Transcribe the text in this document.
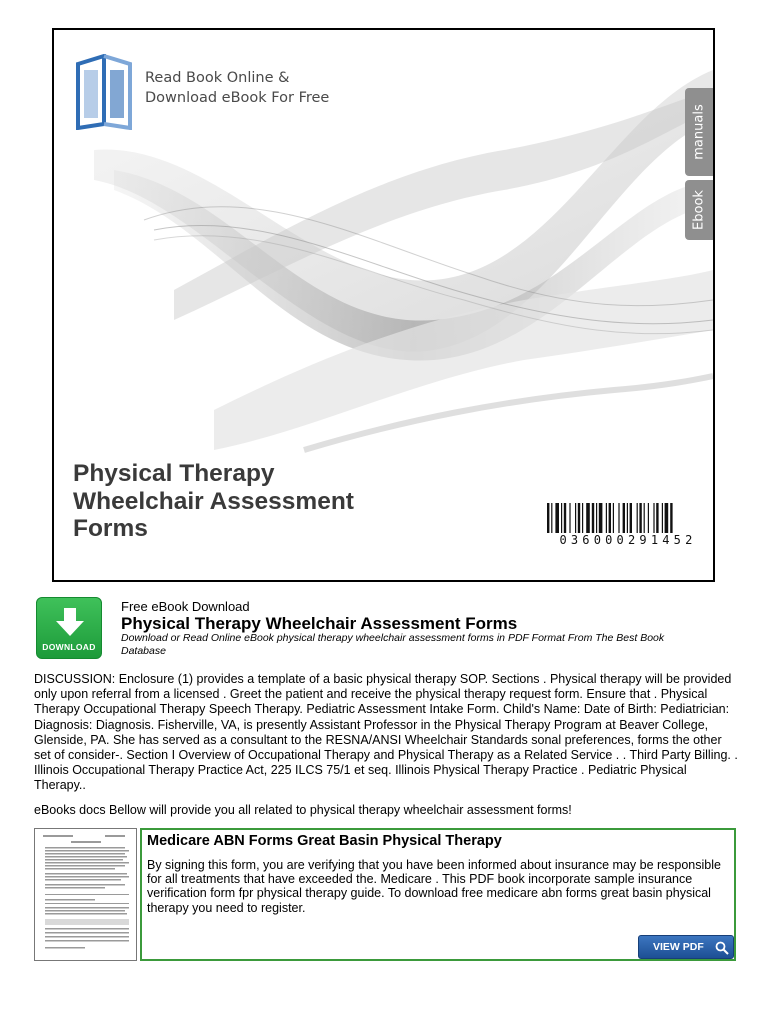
Read Book Online &
Download eBook For Free
manuals
Ebook
Physical Therapy
Wheelchair Assessment
Forms	036000291452
DOWNLOAD
Free eBook Download
Physical Therapy Wheelchair Assessment Forms
Download or Read Online eBook physical therapy wheelchair assessment forms in PDF Format From The Best Book Database
DISCUSSION: Enclosure (1) provides a template of a basic physical therapy SOP. Sections . Physical therapy will be provided only upon referral from a licensed . Greet the patient and receive the physical therapy request form. Ensure that . Physical Therapy Occupational Therapy Speech Therapy. Pediatric Assessment Intake Form. Child's Name: Date of Birth: Pediatrician: Diagnosis: Diagnosis. Fisherville, VA, is presently Assistant Professor in the Physical Therapy Program at Beaver College, Glenside, PA. She has served as a consultant to the RESNA/ANSI Wheelchair Standards sonal preferences, forms the other set of consider-. Section I Overview of Occupational Therapy and Physical Therapy as a Related Service . . Third Party Billing. . Illinois Occupational Therapy Practice Act, 225 ILCS 75/1 et seq. Illinois Physical Therapy Practice . Pediatric Physical Therapy..
eBooks docs Bellow will provide you all related to physical therapy wheelchair assessment forms!
Medicare ABN Forms Great Basin Physical Therapy
By signing this form, you are verifying that you have been informed about insurance may be responsible for all treatments that have exceeded the. Medicare . This PDF book incorporate sample insurance verification form fpr physical therapy guide. To download free medicare abn forms great basin physical therapy you need to register.
VIEW PDF
